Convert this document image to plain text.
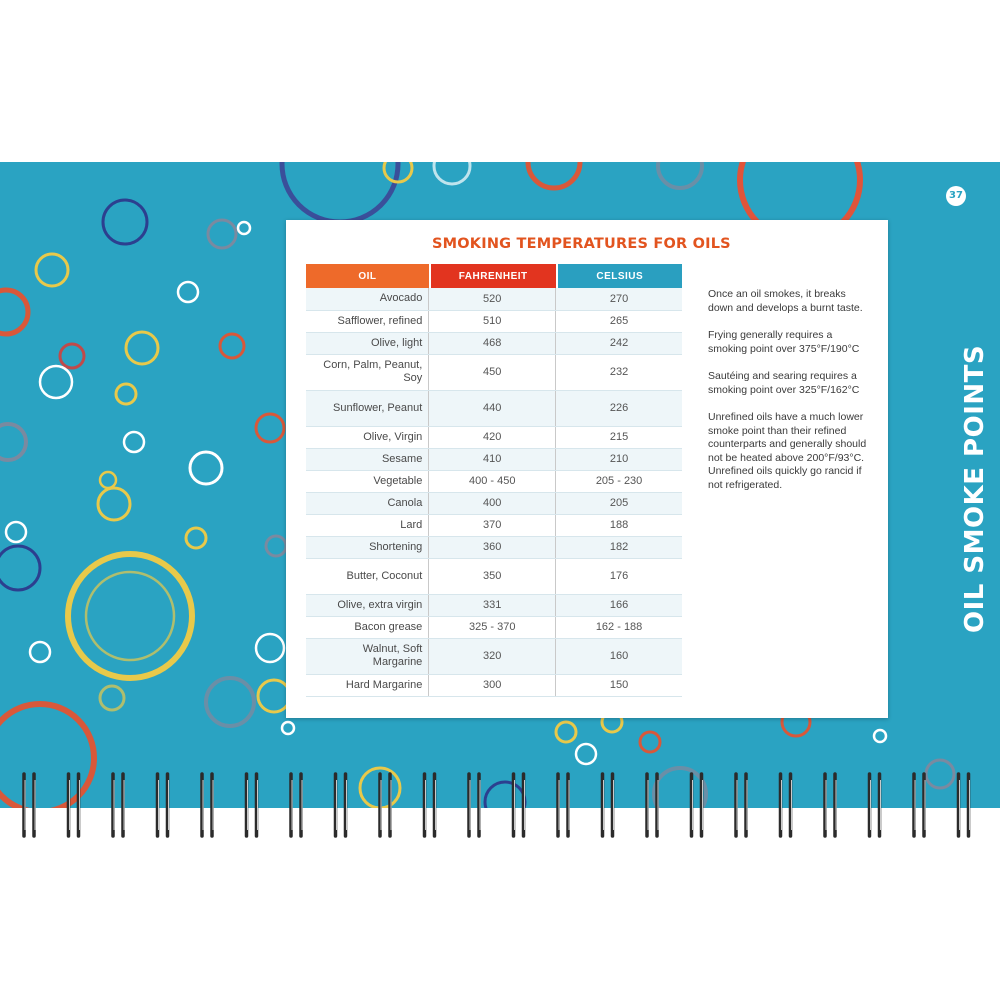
37
OIL SMOKE POINTS
SMOKING TEMPERATURES FOR OILS
OIL		FAHRENHEIT		CELSIUS
Avocado	520		270	
Safflower, refined	510		265	
Olive, light	468		242	
Corn, Palm, Peanut, Soy	450		232	
Sunflower, Peanut	440		226	
Olive, Virgin	420		215	
Sesame	410		210	
Vegetable	400 - 450		205 - 230	
Canola	400		205	
Lard	370		188	
Shortening	360		182	
Butter, Coconut	350		176	
Olive, extra virgin	331		166	
Bacon grease	325 - 370		162 - 188	
Walnut, Soft Margarine	320		160	
Hard Margarine	300		150	

Once an oil smokes, it breaks down and develops a burnt taste.

Frying generally requires a smoking point over 375°F/190°C

Sautéing and searing requires a smoking point over 325°F/162°C

Unrefined oils have a much lower smoke point than their refined counterparts and generally should not be heated above 200°F/93°C. Unrefined oils quickly go rancid if not refrigerated.
